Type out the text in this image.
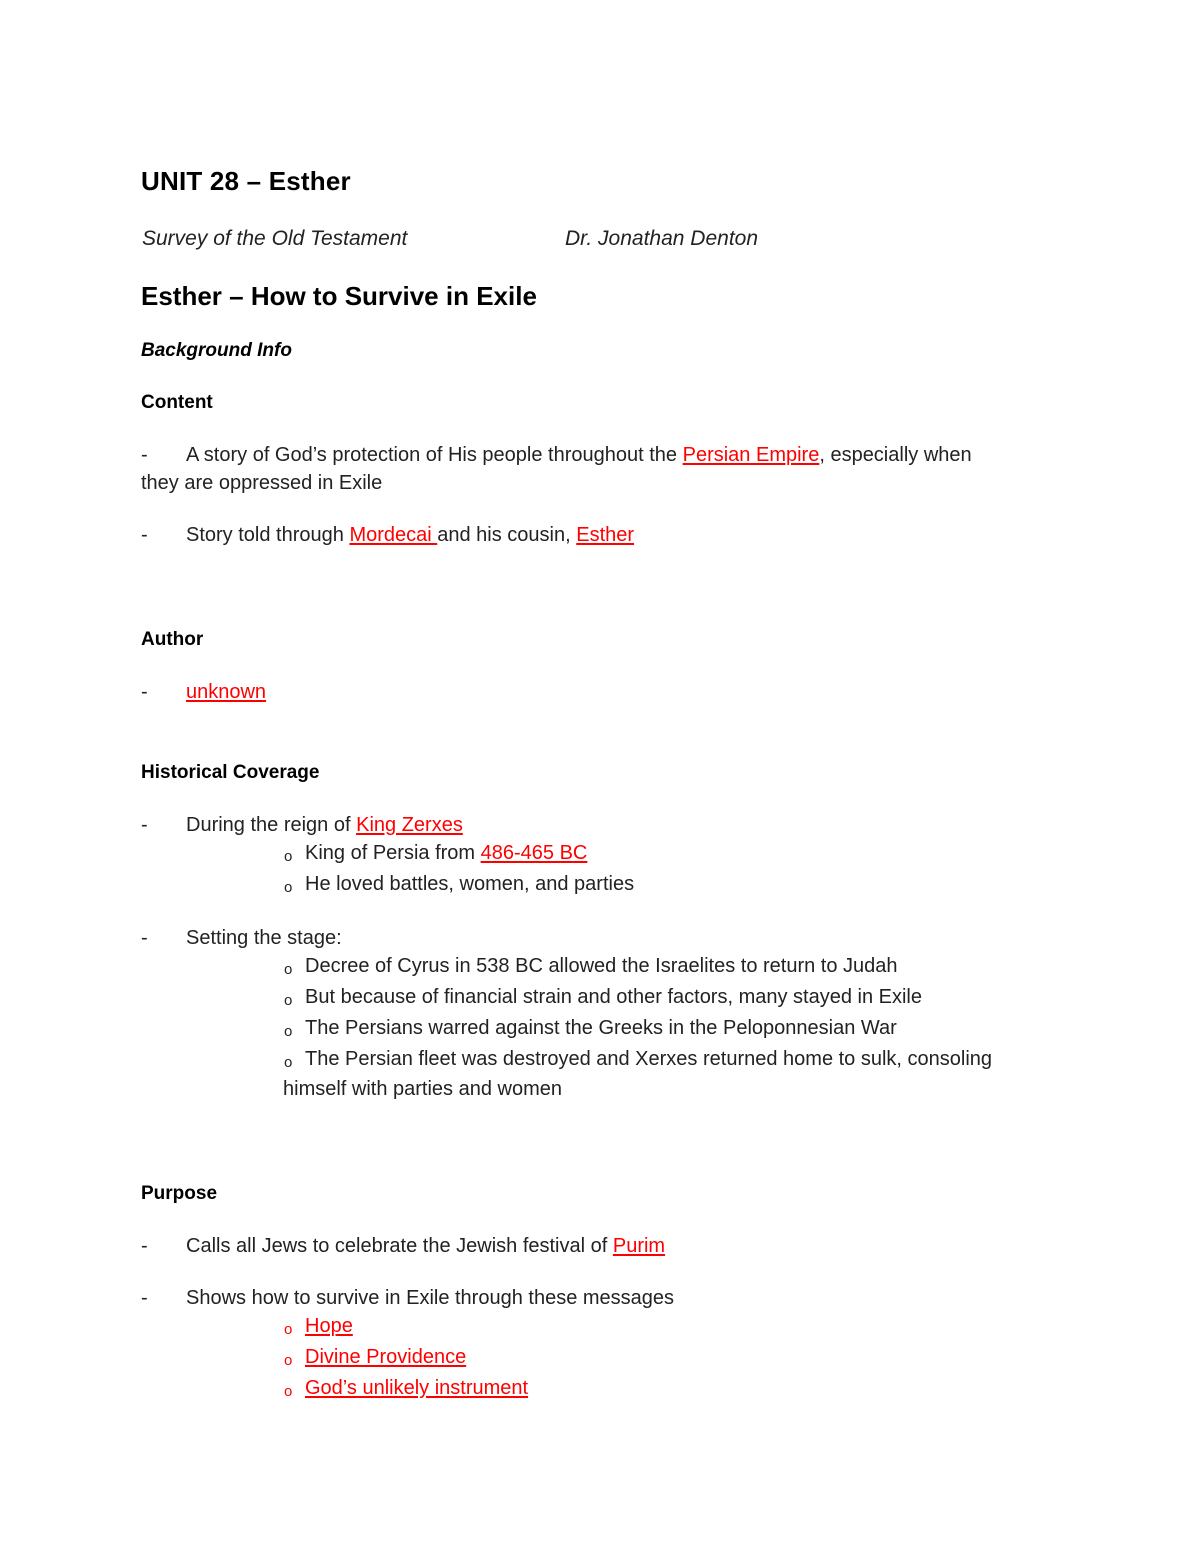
UNIT 28 – Esther
Survey of the Old Testament	Dr. Jonathan Denton
Esther – How to Survive in Exile
Background Info
Content
- A story of God’s protection of His people throughout the Persian Empire, especially when
they are oppressed in Exile
- Story told through Mordecai and his cousin, Esther
Author
- unknown
Historical Coverage
- During the reign of King Zerxes
o King of Persia from 486-465 BC
o He loved battles, women, and parties
- Setting the stage:
o Decree of Cyrus in 538 BC allowed the Israelites to return to Judah
o But because of financial strain and other factors, many stayed in Exile
o The Persians warred against the Greeks in the Peloponnesian War
o The Persian fleet was destroyed and Xerxes returned home to sulk, consoling
himself with parties and women
Purpose
- Calls all Jews to celebrate the Jewish festival of Purim
- Shows how to survive in Exile through these messages
o Hope
o Divine Providence
o God’s unlikely instrument
